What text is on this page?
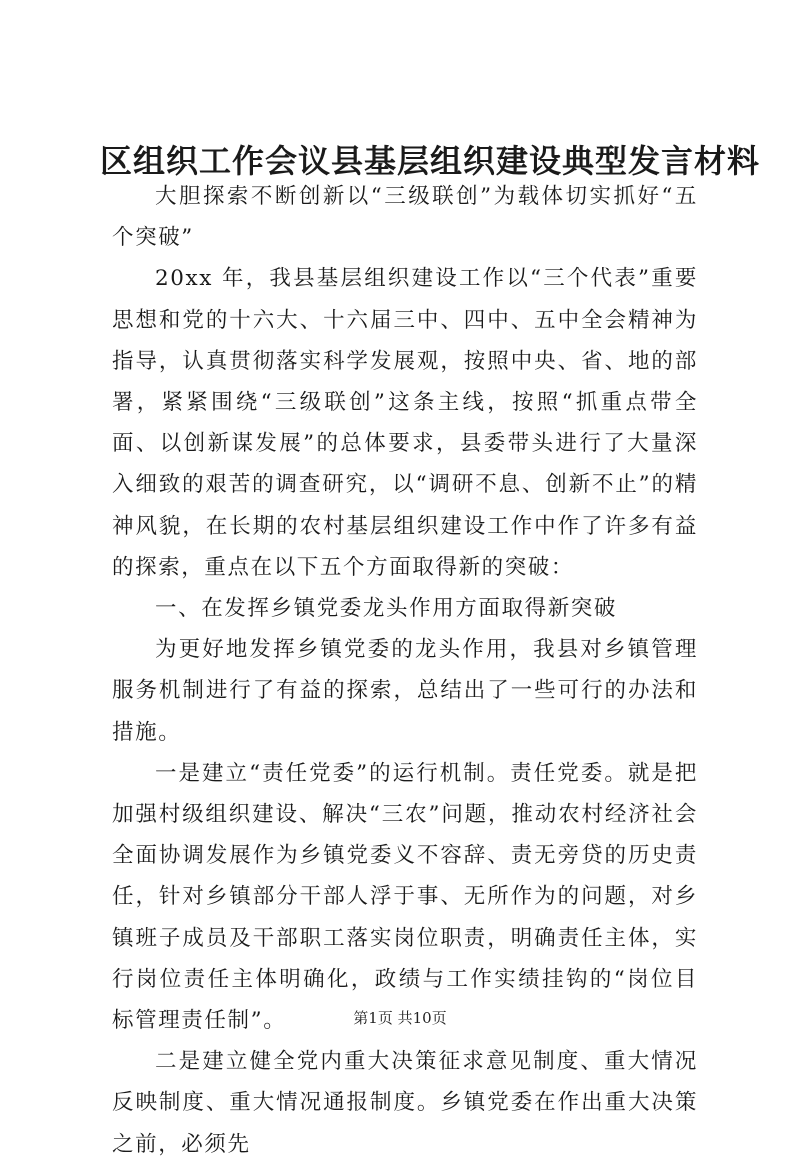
区组织工作会议县基层组织建设典型发言材料

大胆探索不断创新以“三级联创”为载体切实抓好“五个突破”

20xx 年，我县基层组织建设工作以“三个代表”重要思想和党的十六大、十六届三中、四中、五中全会精神为指导，认真贯彻落实科学发展观，按照中央、省、地的部署，紧紧围绕“三级联创”这条主线，按照“抓重点带全面、以创新谋发展”的总体要求，县委带头进行了大量深入细致的艰苦的调查研究，以“调研不息、创新不止”的精神风貌，在长期的农村基层组织建设工作中作了许多有益的探索，重点在以下五个方面取得新的突破：

一、在发挥乡镇党委龙头作用方面取得新突破

为更好地发挥乡镇党委的龙头作用，我县对乡镇管理服务机制进行了有益的探索，总结出了一些可行的办法和措施。

一是建立“责任党委”的运行机制。责任党委。就是把加强村级组织建设、解决“三农”问题，推动农村经济社会全面协调发展作为乡镇党委义不容辞、责无旁贷的历史责任，针对乡镇部分干部人浮于事、无所作为的问题，对乡镇班子成员及干部职工落实岗位职责，明确责任主体，实行岗位责任主体明确化，政绩与工作实绩挂钩的“岗位目标管理责任制”。

二是建立健全党内重大决策征求意见制度、重大情况反映制度、重大情况通报制度。乡镇党委在作出重大决策之前，必须先

第1页 共10页
